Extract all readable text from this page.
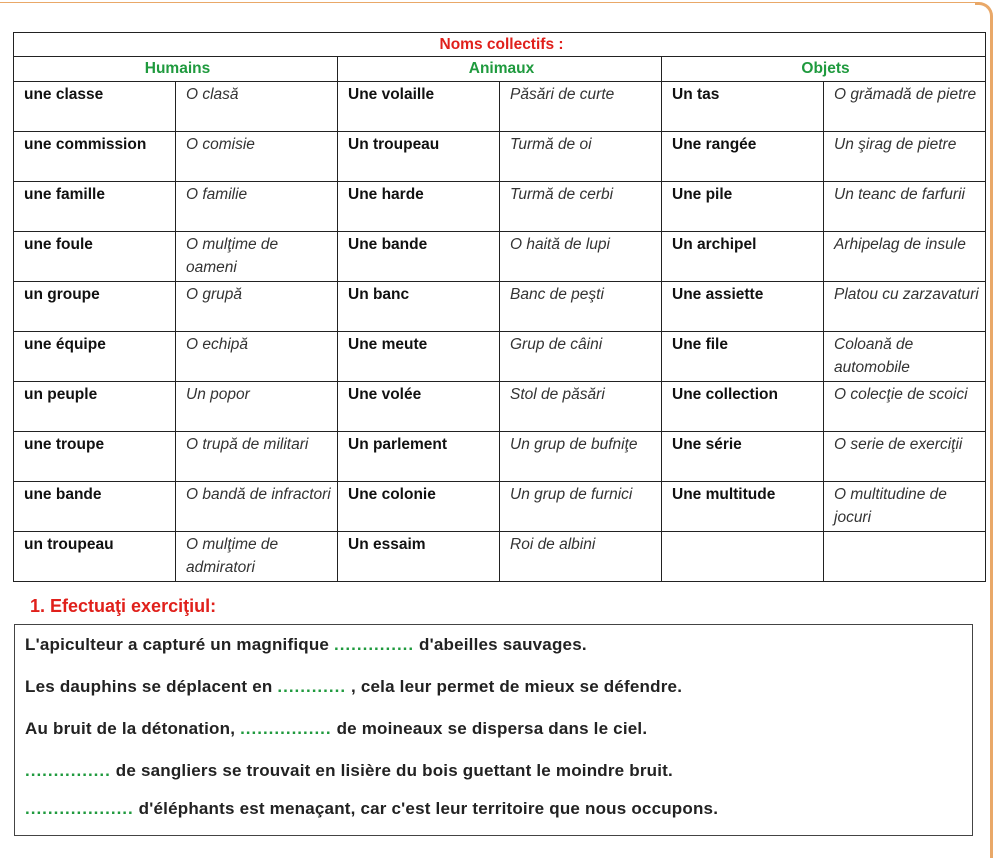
Noms collectifs :					
Humains		Animaux		Objets	
une classe	O clasă	Une volaille	Păsări de curte	Un tas	O grămadă de pietre
une commission	O comisie	Un troupeau	Turmă de oi	Une rangée	Un şirag de pietre
une famille	O familie	Une harde	Turmă de cerbi	Une pile	Un teanc de farfurii
une foule	O mulţime de oameni	Une bande	O haită de lupi	Un archipel	Arhipelag de insule
un groupe	O grupă	Un banc	Banc de peşti	Une assiette	Platou cu zarzavaturi
une équipe	O echipă	Une meute	Grup de câini	Une file	Coloană de automobile
un peuple	Un popor	Une volée	Stol de păsări	Une collection	O colecţie de scoici
une troupe	O trupă de militari	Un parlement	Un grup de bufniţe	Une série	O serie de exerciţii
une bande	O bandă de infractori	Une colonie	Un grup de furnici	Une multitude	O multitudine de jocuri
un troupeau	O mulţime de admiratori	Un essaim	Roi de albini		
1. Efectuaţi exerciţiul:
L'apiculteur a capturé un magnifique .............. d'abeilles sauvages.
Les dauphins se déplacent en ............ , cela leur permet de mieux se défendre.
Au bruit de la détonation, ................ de moineaux se dispersa dans le ciel.
............... de sangliers se trouvait en lisière du bois guettant le moindre bruit.
................... d'éléphants est menaçant, car c'est leur territoire que nous occupons.
